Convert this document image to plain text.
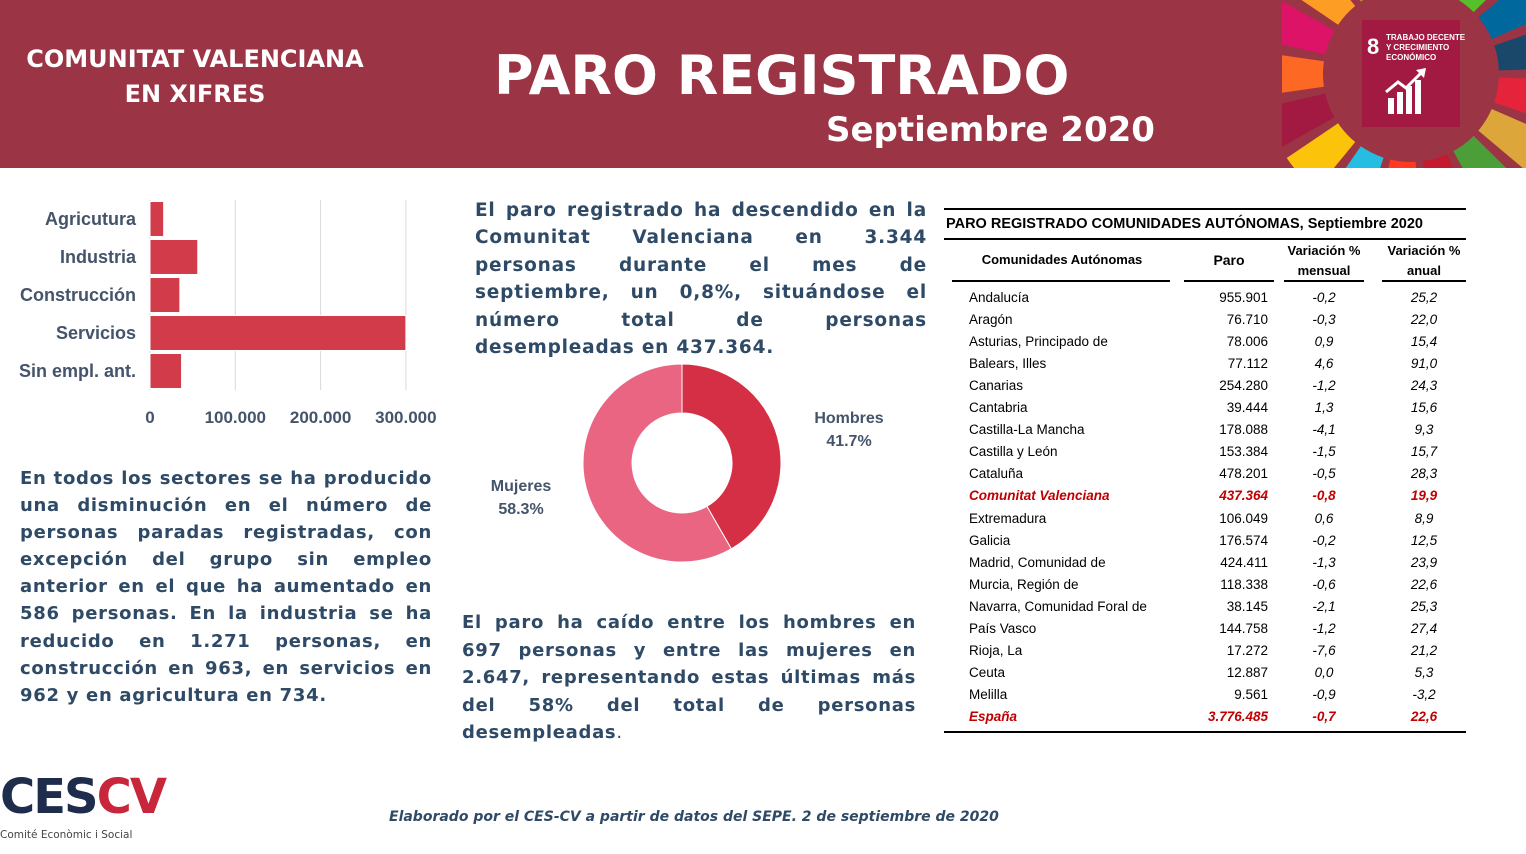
COMUNITAT VALENCIANA
EN XIFRES	PARO REGISTRADO
Septiembre 2020
8 TRABAJO DECENTE
Y CRECIMIENTO
ECONÓMICO
0	100.000 200.000 300.000
Agricutura
Industria
Construcción
Servicios
Sin empl. ant.

El paro registrado ha descendido en la Comunitat Valenciana en 3.344 personas durante el mes de septiembre, un 0,8%, situándose el número total de personas desempleadas en 437.364.

Hombres
41.7%
Mujeres
58.3%

En todos los sectores se ha producido una disminución en el número de personas paradas registradas, con excepción del grupo sin empleo anterior en el que ha aumentado en 586 personas. En la industria se ha reducido en 1.271 personas, en construcción en 963, en servicios en 962 y en agricultura en 734.

El paro ha caído entre los hombres en 697 personas y entre las mujeres en 2.647, representando estas últimas más del 58% del total de personas desempleadas.

PARO REGISTRADO COMUNIDADES AUTÓNOMAS, Septiembre 2020
Comunidades Autónomas	Paro
Variación %
mensual
Variación %
anual
Andalucía	955.901	-0,2	25,2
Aragón	76.710	-0,3	22,0
Asturias, Principado de	78.006	0,9	15,4
Balears, Illes	77.112	4,6	91,0
Canarias	254.280	-1,2	24,3
Cantabria	39.444	1,3	15,6
Castilla-La Mancha	178.088	-4,1	9,3
Castilla y León	153.384	-1,5	15,7
Cataluña	478.201	-0,5	28,3
Comunitat Valenciana	437.364	-0,8	19,9
Extremadura	106.049	0,6	8,9
Galicia	176.574	-0,2	12,5
Madrid, Comunidad de	424.411	-1,3	23,9
Murcia, Región de	118.338	-0,6	22,6
Navarra, Comunidad Foral de	38.145	-2,1	25,3
País Vasco	144.758	-1,2	27,4
Rioja, La	17.272	-7,6	21,2
Ceuta	12.887	0,0	5,3
Melilla	9.561	-0,9	-3,2
España	3.776.485	-0,7	22,6
CESCV
Comité Econòmic i Social
Elaborado por el CES-CV a partir de datos del SEPE. 2 de septiembre de 2020
